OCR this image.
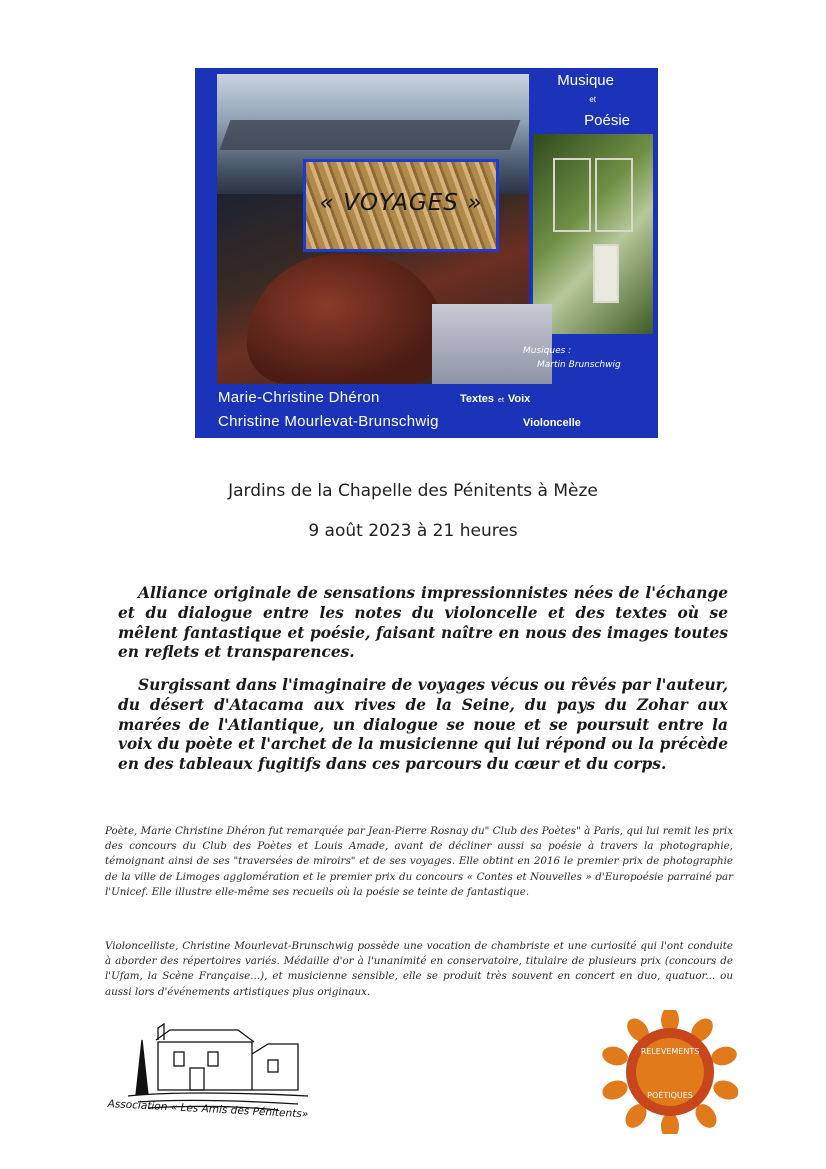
« VOYAGES »
Musique
et
Poésie
Musiques :
Martin Brunschwig
Marie-Christine Dhéron	Textes et Voix
Christine Mourlevat-Brunschwig	Violoncelle
Jardins de la Chapelle des Pénitents à Mèze
9 août 2023 à 21 heures

Alliance originale de sensations impressionnistes nées de l'échange et du dialogue entre les notes du violoncelle et des textes où se mêlent fantastique et poésie, faisant naître en nous des images toutes en reflets et transparences.

Surgissant dans l'imaginaire de voyages vécus ou rêvés par l'auteur, du désert d'Atacama aux rives de la Seine, du pays du Zohar aux marées de l'Atlantique, un dialogue se noue et se poursuit entre la voix du poète et l'archet de la musicienne qui lui répond ou la précède en des tableaux fugitifs dans ces parcours du cœur et du corps.

Poète, Marie Christine Dhéron fut remarquée par Jean-Pierre Rosnay du" Club des Poètes" à Paris, qui lui remit les prix des concours du Club des Poètes et Louis Amade, avant de décliner aussi sa poésie à travers la photographie, témoignant ainsi de ses "traversées de miroirs" et de ses voyages. Elle obtint en 2016 le premier prix de photographie de la ville de Limoges agglomération et le premier prix du concours « Contes et Nouvelles » d'Europoésie parrainé par l'Unicef. Elle illustre elle-même ses recueils où la poésie se teinte de fantastique.

Violoncelliste, Christine Mourlevat-Brunschwig possède une vocation de chambriste et une curiosité qui l'ont conduite à aborder des répertoires variés. Médaille d'or à l'unanimité en conservatoire, titulaire de plusieurs prix (concours de l'Ufam, la Scène Française...), et musicienne sensible, elle se produit très souvent en concert en duo, quatuor... ou aussi lors d'événements artistiques plus originaux.

Association « Les Amis des Pénitents»
RELEVEMENTS
POÉTIQUES
